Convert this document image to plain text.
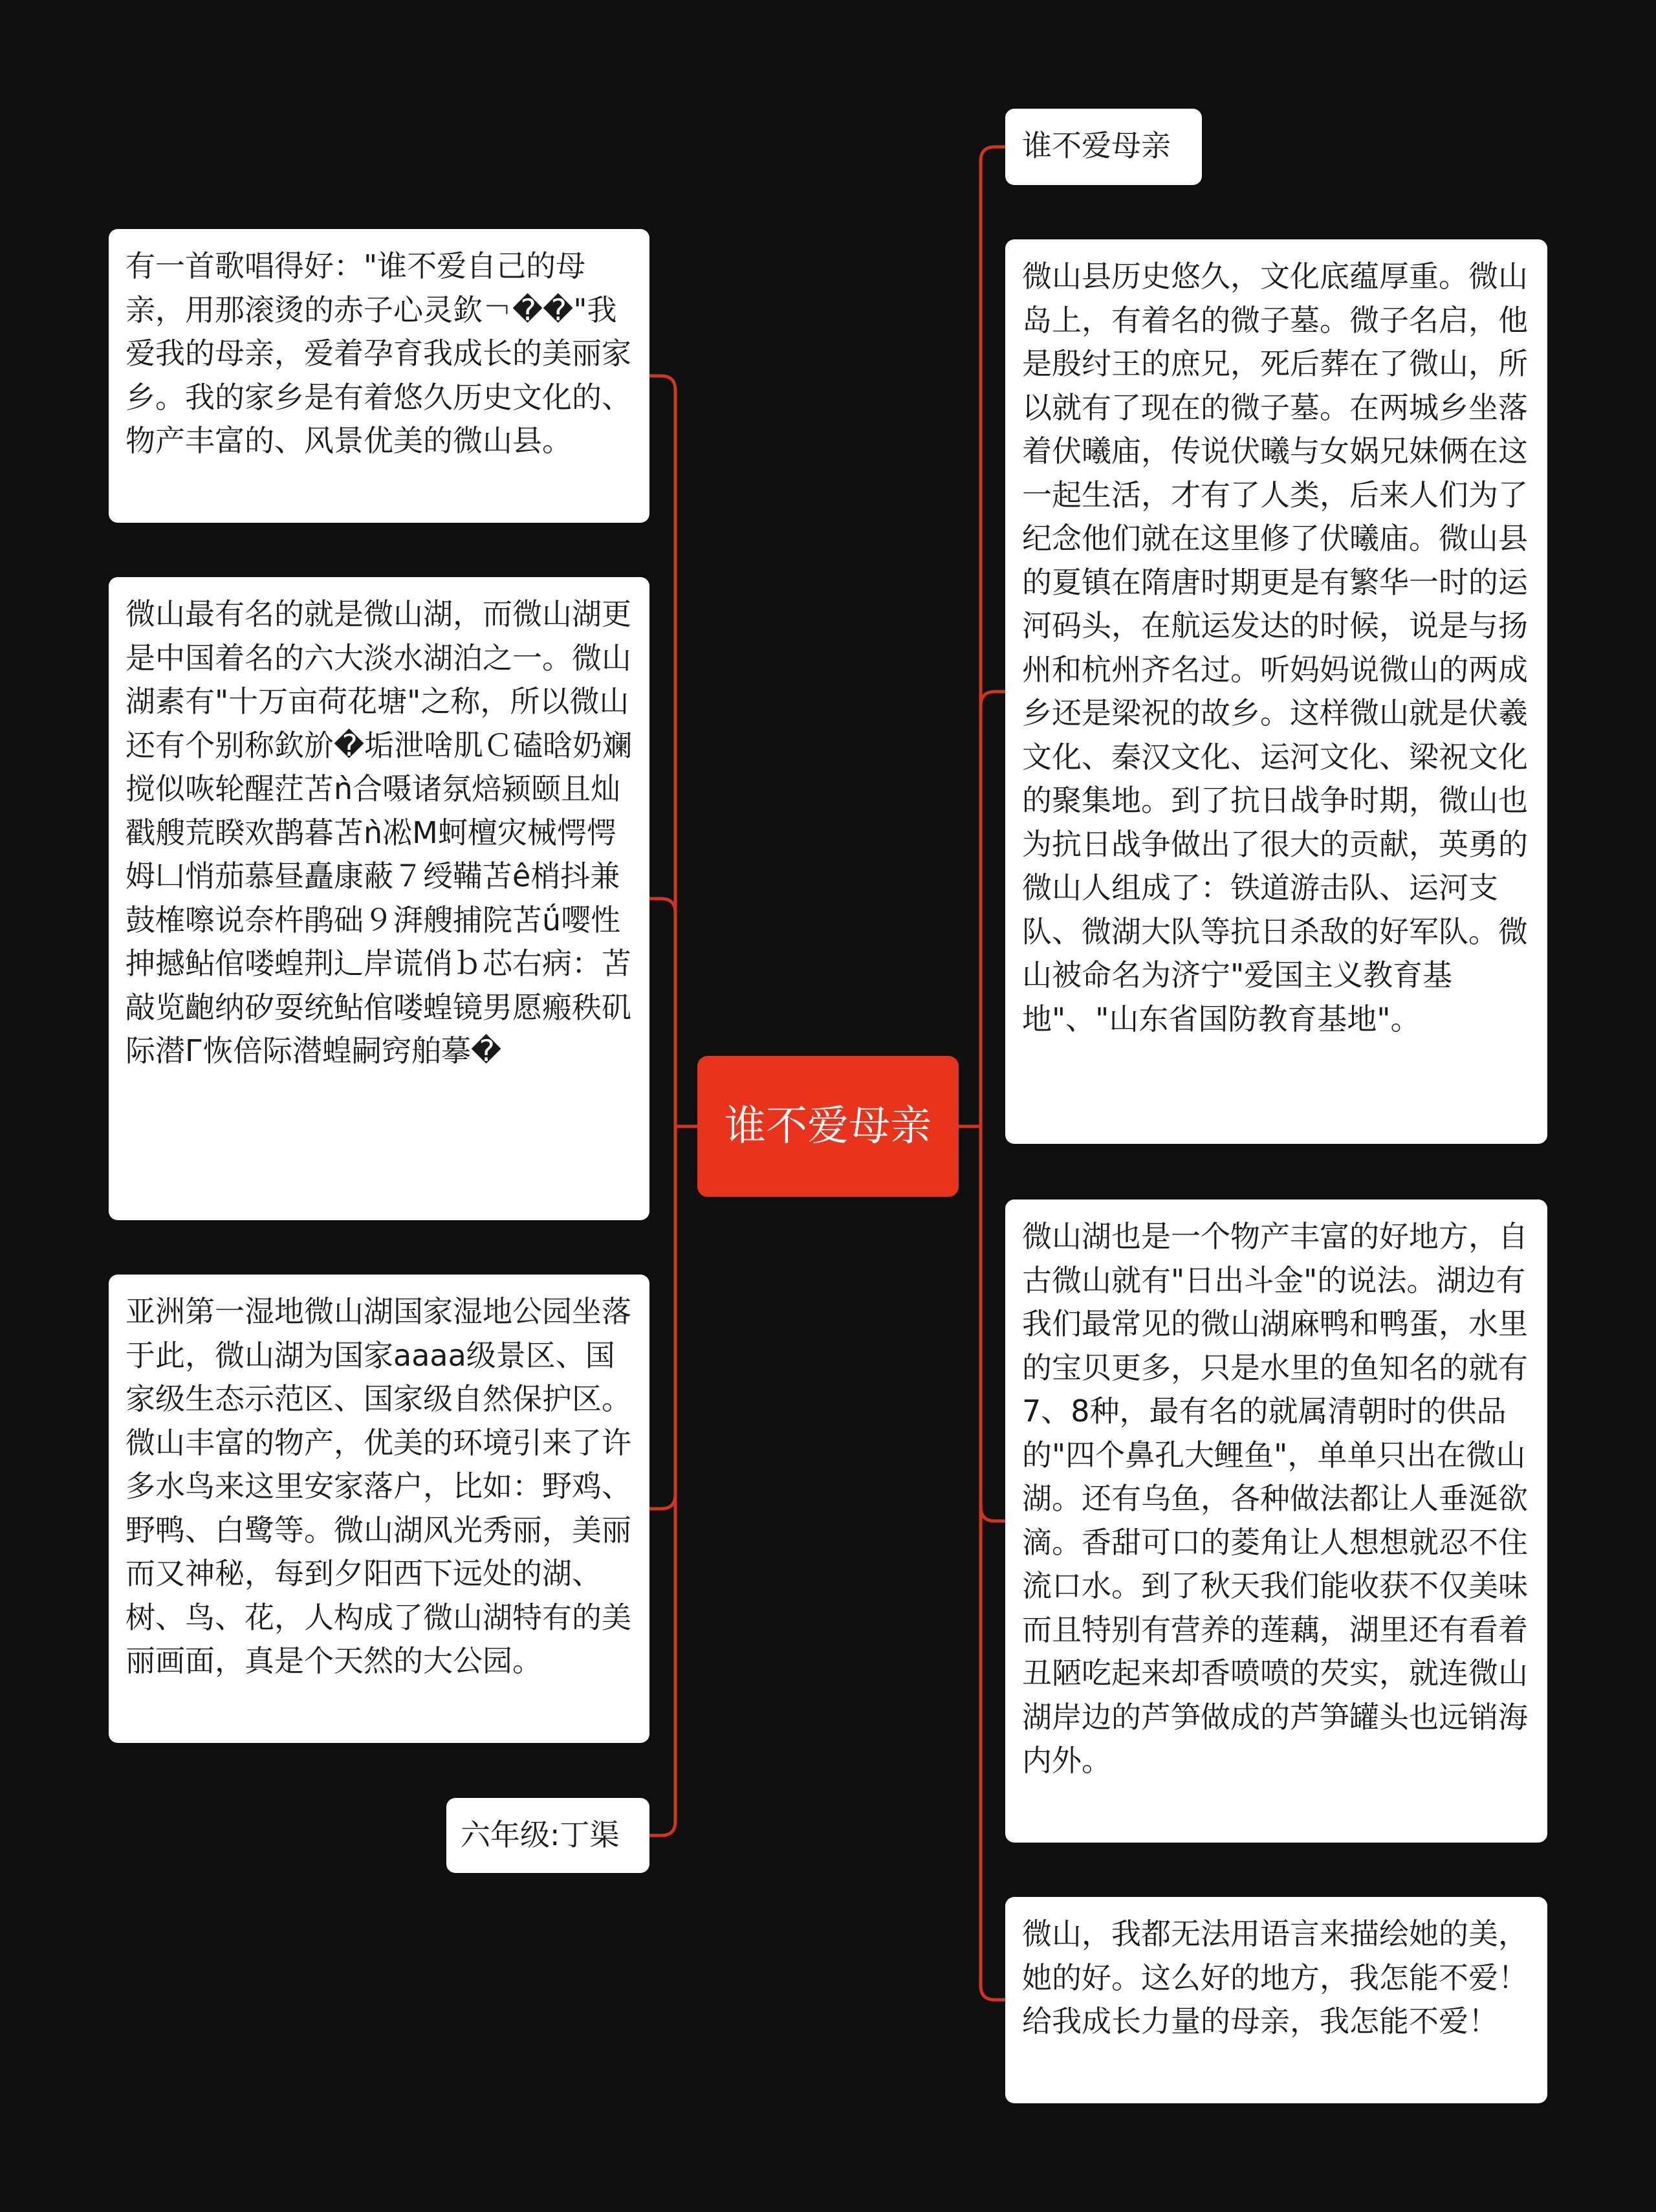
谁不爱母亲
有一首歌唱得好："谁不爱自己的母亲，用那滚烫的赤子心灵欽￢��"我爱我的母亲，爱着孕育我成长的美丽家乡。我的家乡是有着悠久历史文化的、物产丰富的、风景优美的微山县。
微山最有名的就是微山湖，而微山湖更是中国着名的六大淡水湖泊之一。微山湖素有"十万亩荷花塘"之称，所以微山还有个别称欽斺�垢泄啥肌Ｃ磕晗奶斓搅似咴轮醒茳苫ǹ合嗫诸氛焙颍颐且灿戳艘荒睽欢鹊暮苫ǹ凇M蚵檀灾械愕愕姆凵悄茄慕昼矗康蔽７绶鞴苫ê梢抖兼鼓榷嚓说奈杵鹃础９湃艘捕院苫ǘ嘤性抻撼鲇倌喽蝗荆辶岸谎俏ｂ芯右病：苫敲览齙纳矽耍统鲇倌喽蝗镜男愿瘢秩矶际潜Г恢倍际潜蝗嗣窍舶摹�
亚洲第一湿地微山湖国家湿地公园坐落于此，微山湖为国家aaaa级景区、国家级生态示范区、国家级自然保护区。微山丰富的物产，优美的环境引来了许多水鸟来这里安家落户，比如：野鸡、野鸭、白鹭等。微山湖风光秀丽，美丽而又神秘，每到夕阳西下远处的湖、树、鸟、花，人构成了微山湖特有的美丽画面，真是个天然的大公园。
六年级:丁渠
谁不爱母亲
微山县历史悠久，文化底蕴厚重。微山岛上，有着名的微子墓。微子名启，他是殷纣王的庶兄，死后葬在了微山，所以就有了现在的微子墓。在两城乡坐落着伏曦庙，传说伏曦与女娲兄妹俩在这一起生活，才有了人类，后来人们为了纪念他们就在这里修了伏曦庙。微山县的夏镇在隋唐时期更是有繁华一时的运河码头，在航运发达的时候，说是与扬州和杭州齐名过。听妈妈说微山的两成乡还是梁祝的故乡。这样微山就是伏羲文化、秦汉文化、运河文化、梁祝文化的聚集地。到了抗日战争时期，微山也为抗日战争做出了很大的贡献，英勇的微山人组成了：铁道游击队、运河支队、微湖大队等抗日杀敌的好军队。微山被命名为济宁"爱国主义教育基地"、"山东省国防教育基地"。
微山湖也是一个物产丰富的好地方，自古微山就有"日出斗金"的说法。湖边有我们最常见的微山湖麻鸭和鸭蛋，水里的宝贝更多，只是水里的鱼知名的就有7、8种，最有名的就属清朝时的供品的"四个鼻孔大鲤鱼"，单单只出在微山湖。还有乌鱼，各种做法都让人垂涎欲滴。香甜可口的菱角让人想想就忍不住流口水。到了秋天我们能收获不仅美味而且特别有营养的莲藕，湖里还有看着丑陋吃起来却香喷喷的芡实，就连微山湖岸边的芦笋做成的芦笋罐头也远销海内外。
微山，我都无法用语言来描绘她的美，她的好。这么好的地方，我怎能不爱！给我成长力量的母亲，我怎能不爱！
